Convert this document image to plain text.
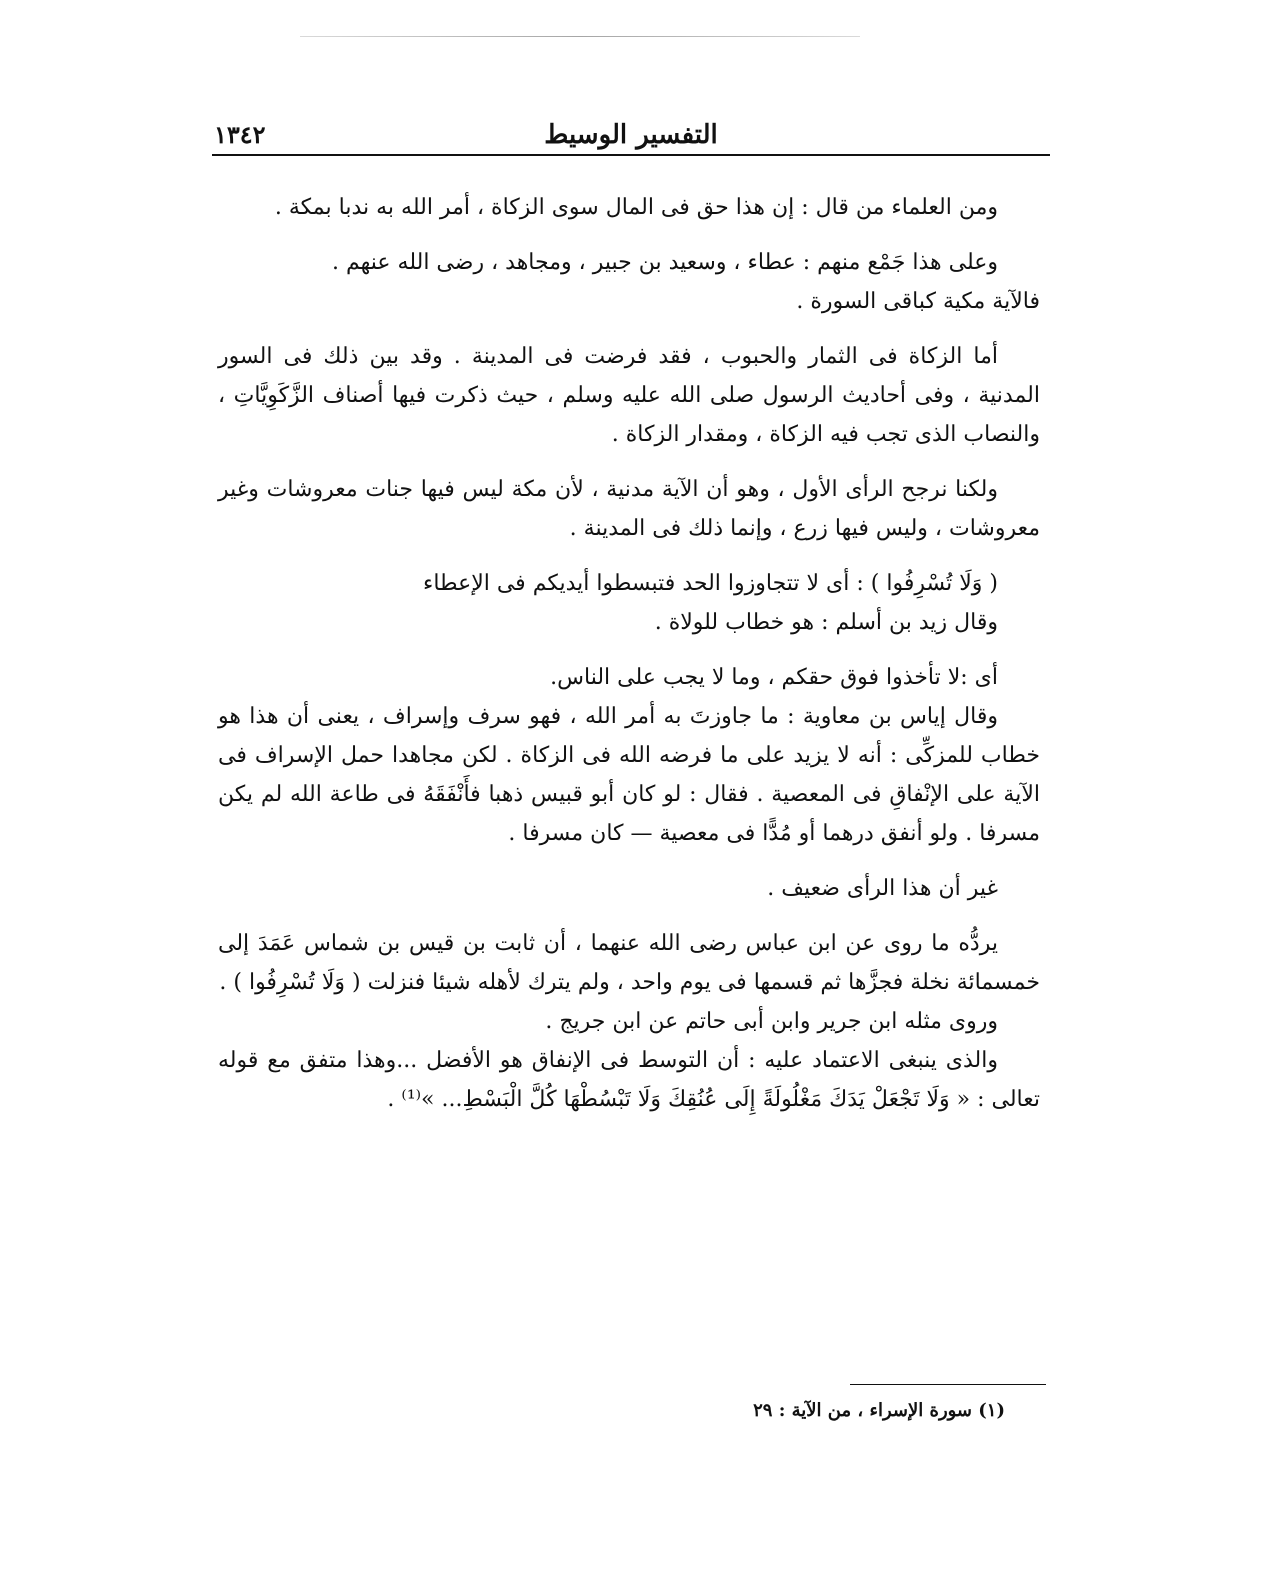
١٣٤٢	التفسير الوسيط

ومن العلماء من قال : إن هذا حق فى المال سوى الزكاة ، أمر الله به ندبا بمكة .

وعلى هذا جَمْع منهم : عطاء ، وسعيد بن جبير ، ومجاهد ، رضى الله عنهم .

فالآية مكية كباقى السورة .

أما الزكاة فى الثمار والحبوب ، فقد فرضت فى المدينة . وقد بين ذلك فى السور المدنية ، وفى أحاديث الرسول صلى الله عليه وسلم ، حيث ذكرت فيها أصناف الزَّكَوِيَّاتِ ، والنصاب الذى تجب فيه الزكاة ، ومقدار الزكاة .

ولكنا نرجح الرأى الأول ، وهو أن الآية مدنية ، لأن مكة ليس فيها جنات معروشات وغير معروشات ، وليس فيها زرع ، وإنما ذلك فى المدينة .

( وَلَا تُسْرِفُوا ) : أى لا تتجاوزوا الحد فتبسطوا أيديكم فى الإعطاء

وقال زيد بن أسلم : هو خطاب للولاة .

أى :لا تأخذوا فوق حقكم ، وما لا يجب على الناس.

وقال إياس بن معاوية : ما جاوزتَ به أمر الله ، فهو سرف وإسراف ، يعنى أن هذا هو خطاب للمزكِّى : أنه لا يزيد على ما فرضه الله فى الزكاة . لكن مجاهدا حمل الإسراف فى الآية على الإنْفاقِ فى المعصية . فقال : لو كان أبو قبيس ذهبا فأَنْفَقَهُ فى طاعة الله لم يكن مسرفا . ولو أنفق درهما أو مُدًّا فى معصية — كان مسرفا .

غير أن هذا الرأى ضعيف .

يردُّه ما روى عن ابن عباس رضى الله عنهما ، أن ثابت بن قيس بن شماس عَمَدَ إلى خمسمائة نخلة فجزَّها ثم قسمها فى يوم واحد ، ولم يترك لأهله شيئا فنزلت ( وَلَا تُسْرِفُوا ) .

وروى مثله ابن جرير وابن أبى حاتم عن ابن جريج .

والذى ينبغى الاعتماد عليه : أن التوسط فى الإنفاق هو الأفضل ...وهذا متفق مع قوله تعالى : « وَلَا تَجْعَلْ يَدَكَ مَغْلُولَةً إِلَى عُنُقِكَ وَلَا تَبْسُطْهَا كُلَّ الْبَسْطِ... »⁽¹⁾ .

(١) سورة الإسراء ، من الآية : ٢٩
